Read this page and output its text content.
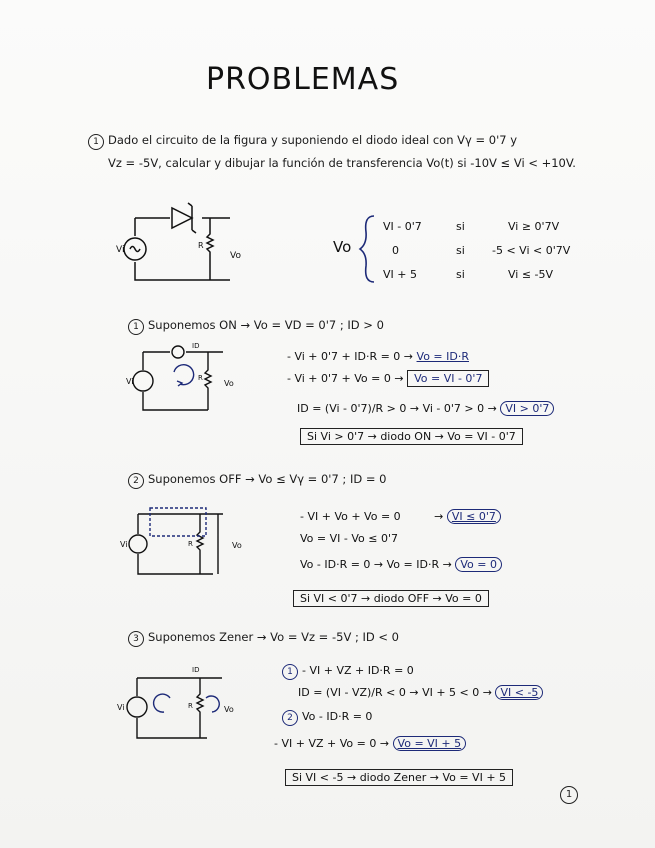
PROBLEMAS
1 Dado el circuito de la figura y suponiendo el diodo ideal con Vγ = 0'7 y
Vz = -5V, calcular y dibujar la función de transferencia Vo(t) si -10V ≤ Vi < +10V.
Vi	R
Vo	Vo
VI - 0'7	si	Vi ≥ 0'7V
0	si -5 < Vi < 0'7V
VI + 5	si	Vi ≤ -5V
1 Suponemos ON → Vo = VD = 0'7 ; ID > 0
Vi	R
Vo
ID
- Vi + 0'7 + ID·R = 0 → Vo = ID·R
- Vi + 0'7 + Vo = 0 → Vo = VI - 0'7
ID = (Vi - 0'7)/R > 0 → Vi - 0'7 > 0 → VI > 0'7
Si Vi > 0'7 → diodo ON → Vo = VI - 0'7
2 Suponemos OFF → Vo ≤ Vγ = 0'7 ; ID = 0
Vi	R	Vo
- VI + Vo + Vo = 0	→ VI ≤ 0'7
Vo = VI - Vo ≤ 0'7
Vo - ID·R = 0 → Vo = ID·R → Vo = 0
Si VI < 0'7 → diodo OFF → Vo = 0
3 Suponemos Zener → Vo = Vz = -5V ; ID < 0
Vi	R	Vo
ID	1 - VI + VZ + ID·R = 0
ID = (VI - VZ)/R < 0 → VI + 5 < 0 → VI < -5
2 Vo - ID·R = 0
- VI + VZ + Vo = 0 → Vo = VI + 5
Si VI < -5 → diodo Zener → Vo = VI + 5
1
